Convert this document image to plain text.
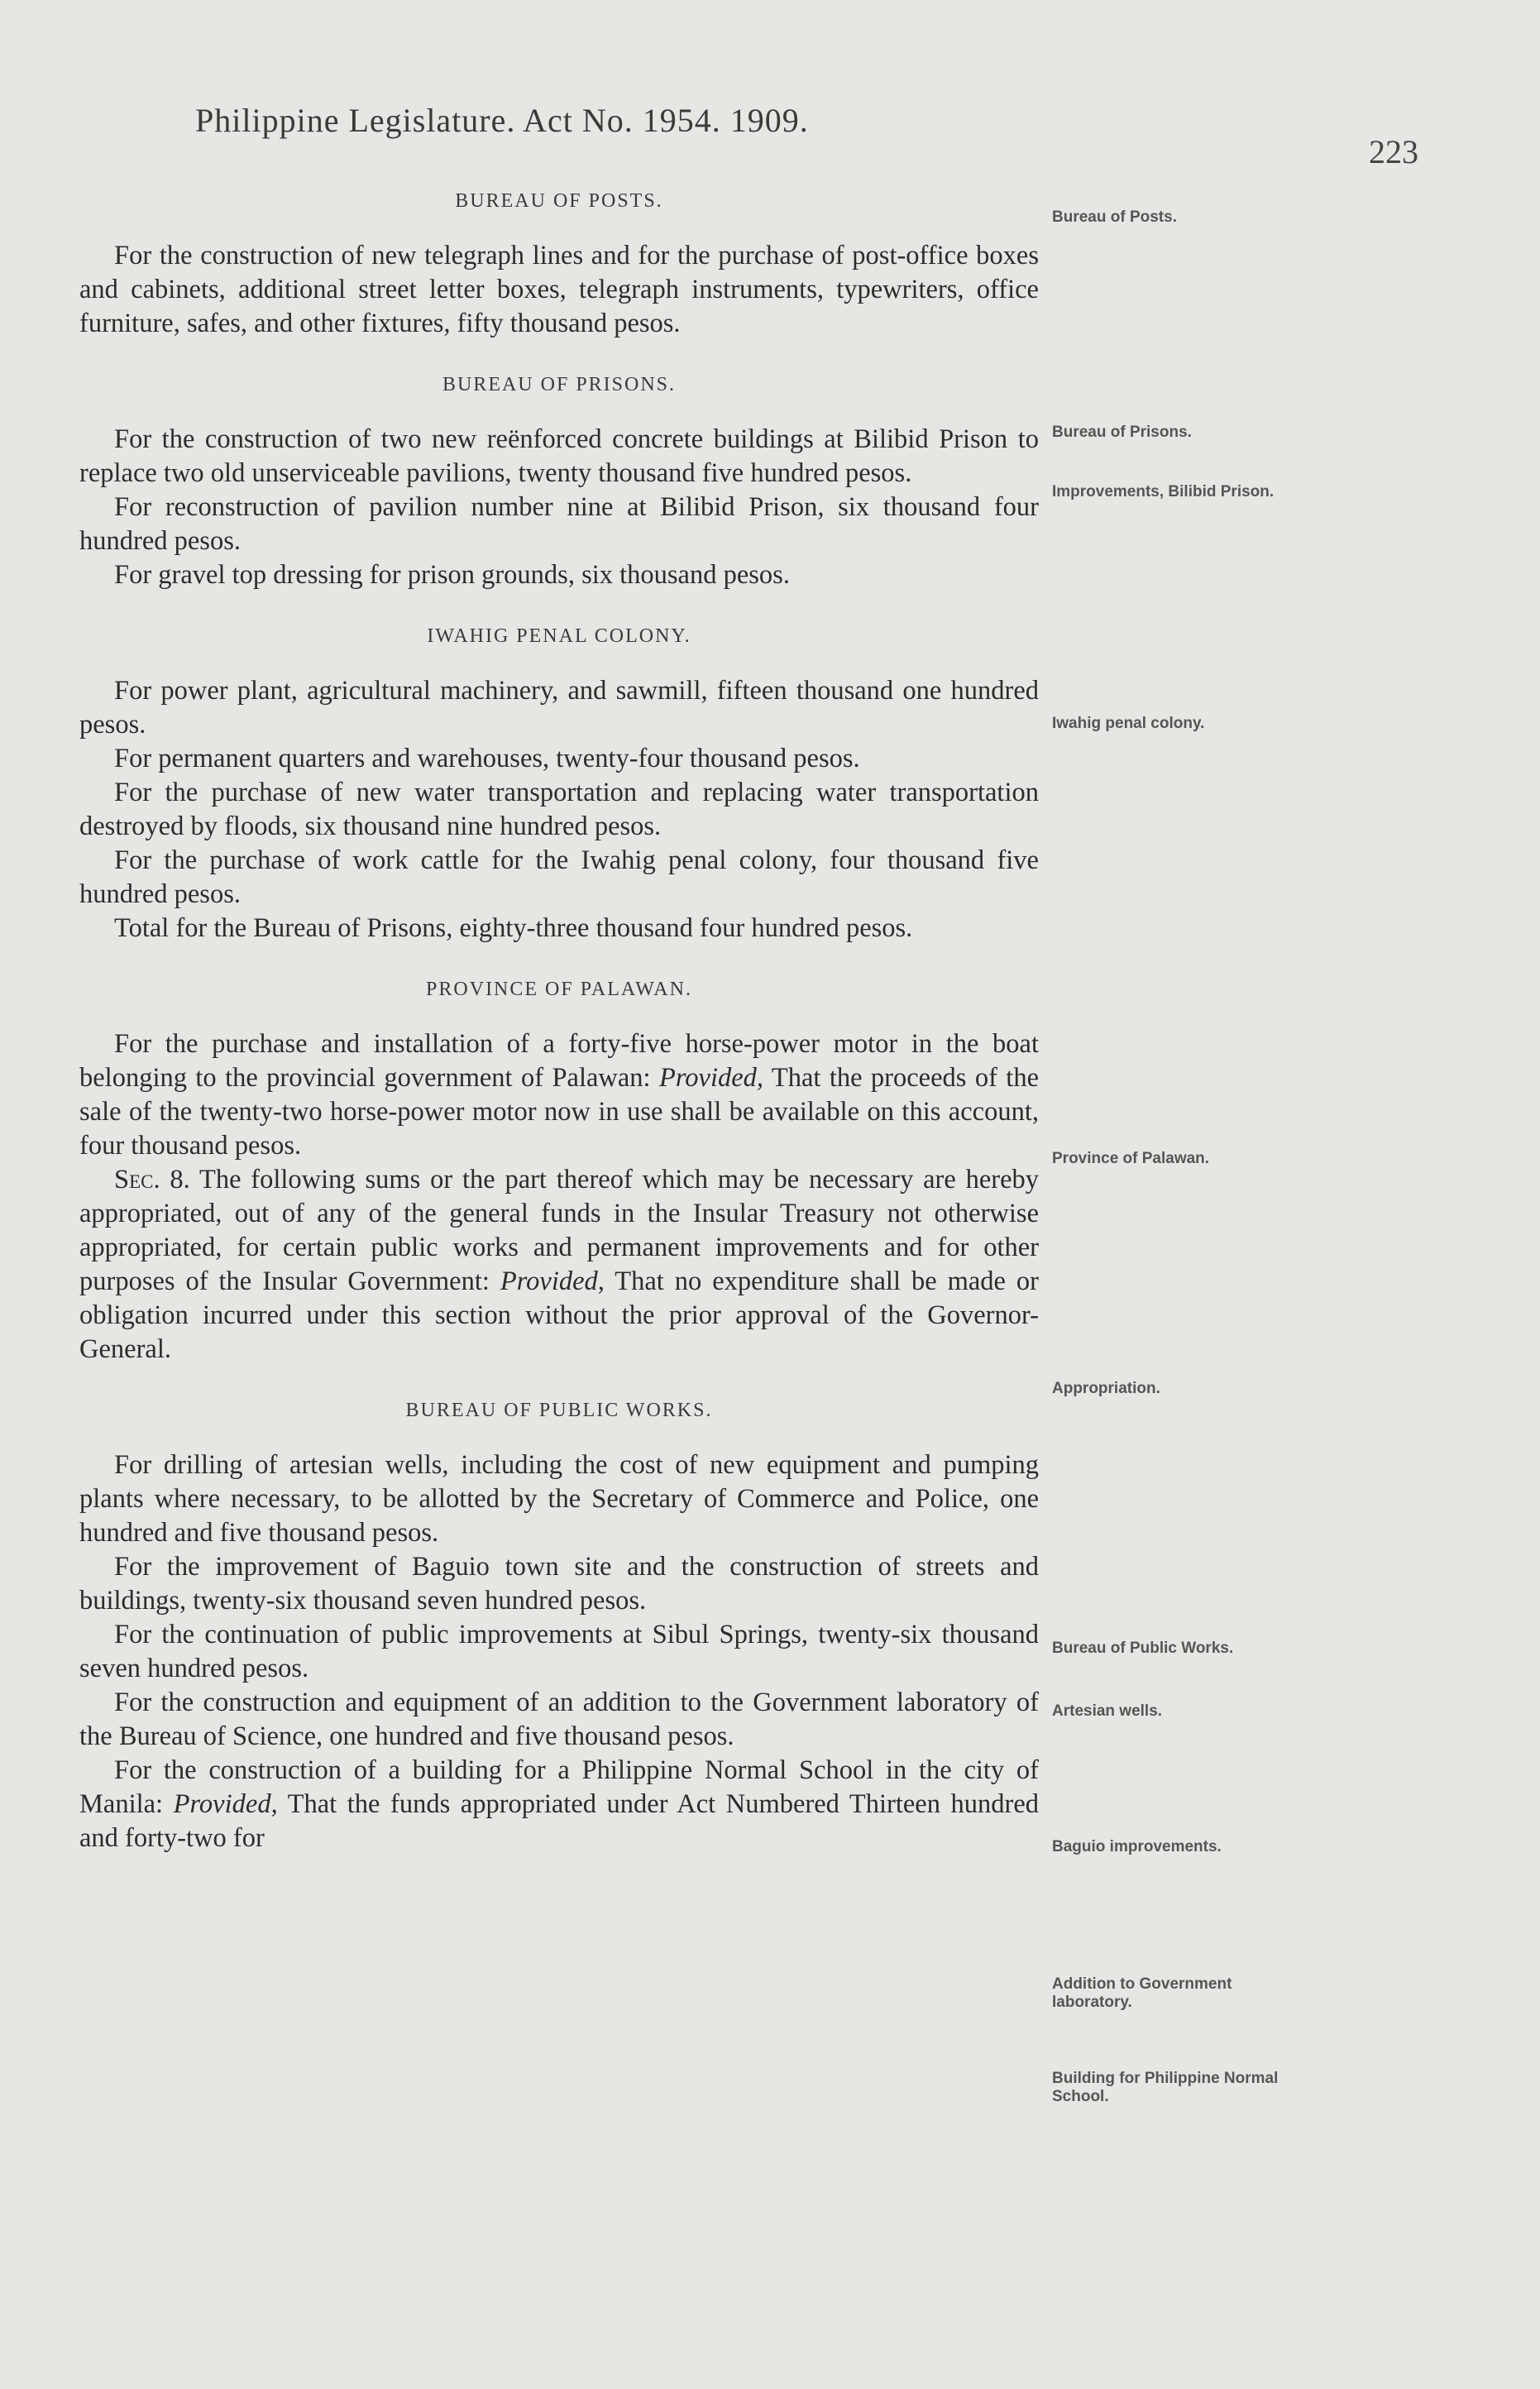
Philippine Legislature. Act No. 1954. 1909.
223
Bureau of Posts.
Bureau of Prisons.
Improvements, Bilibid Prison.
Iwahig penal colony.
Province of Palawan.
Appropriation.
Bureau of Public Works.
Artesian wells.
Baguio improvements.
Addition to Government laboratory.
Building for Philippine Normal School.
BUREAU OF POSTS.

For the construction of new telegraph lines and for the purchase of post-office boxes and cabinets, additional street letter boxes, telegraph instruments, typewriters, office furniture, safes, and other fixtures, fifty thousand pesos.

BUREAU OF PRISONS.

For the construction of two new reënforced concrete buildings at Bilibid Prison to replace two old unserviceable pavilions, twenty thousand five hundred pesos.

For reconstruction of pavilion number nine at Bilibid Prison, six thousand four hundred pesos.

For gravel top dressing for prison grounds, six thousand pesos.

IWAHIG PENAL COLONY.

For power plant, agricultural machinery, and sawmill, fifteen thousand one hundred pesos.

For permanent quarters and warehouses, twenty-four thousand pesos.

For the purchase of new water transportation and replacing water transportation destroyed by floods, six thousand nine hundred pesos.

For the purchase of work cattle for the Iwahig penal colony, four thousand five hundred pesos.

Total for the Bureau of Prisons, eighty-three thousand four hundred pesos.

PROVINCE OF PALAWAN.

For the purchase and installation of a forty-five horse-power motor in the boat belonging to the provincial government of Palawan: Provided, That the proceeds of the sale of the twenty-two horse-power motor now in use shall be available on this account, four thousand pesos.

Sec. 8. The following sums or the part thereof which may be necessary are hereby appropriated, out of any of the general funds in the Insular Treasury not otherwise appropriated, for certain public works and permanent improvements and for other purposes of the Insular Government: Provided, That no expenditure shall be made or obligation incurred under this section without the prior approval of the Governor-General.

BUREAU OF PUBLIC WORKS.

For drilling of artesian wells, including the cost of new equipment and pumping plants where necessary, to be allotted by the Secretary of Commerce and Police, one hundred and five thousand pesos.

For the improvement of Baguio town site and the construction of streets and buildings, twenty-six thousand seven hundred pesos.

For the continuation of public improvements at Sibul Springs, twenty-six thousand seven hundred pesos.

For the construction and equipment of an addition to the Government laboratory of the Bureau of Science, one hundred and five thousand pesos.

For the construction of a building for a Philippine Normal School in the city of Manila: Provided, That the funds appropriated under Act Numbered Thirteen hundred and forty-two for
